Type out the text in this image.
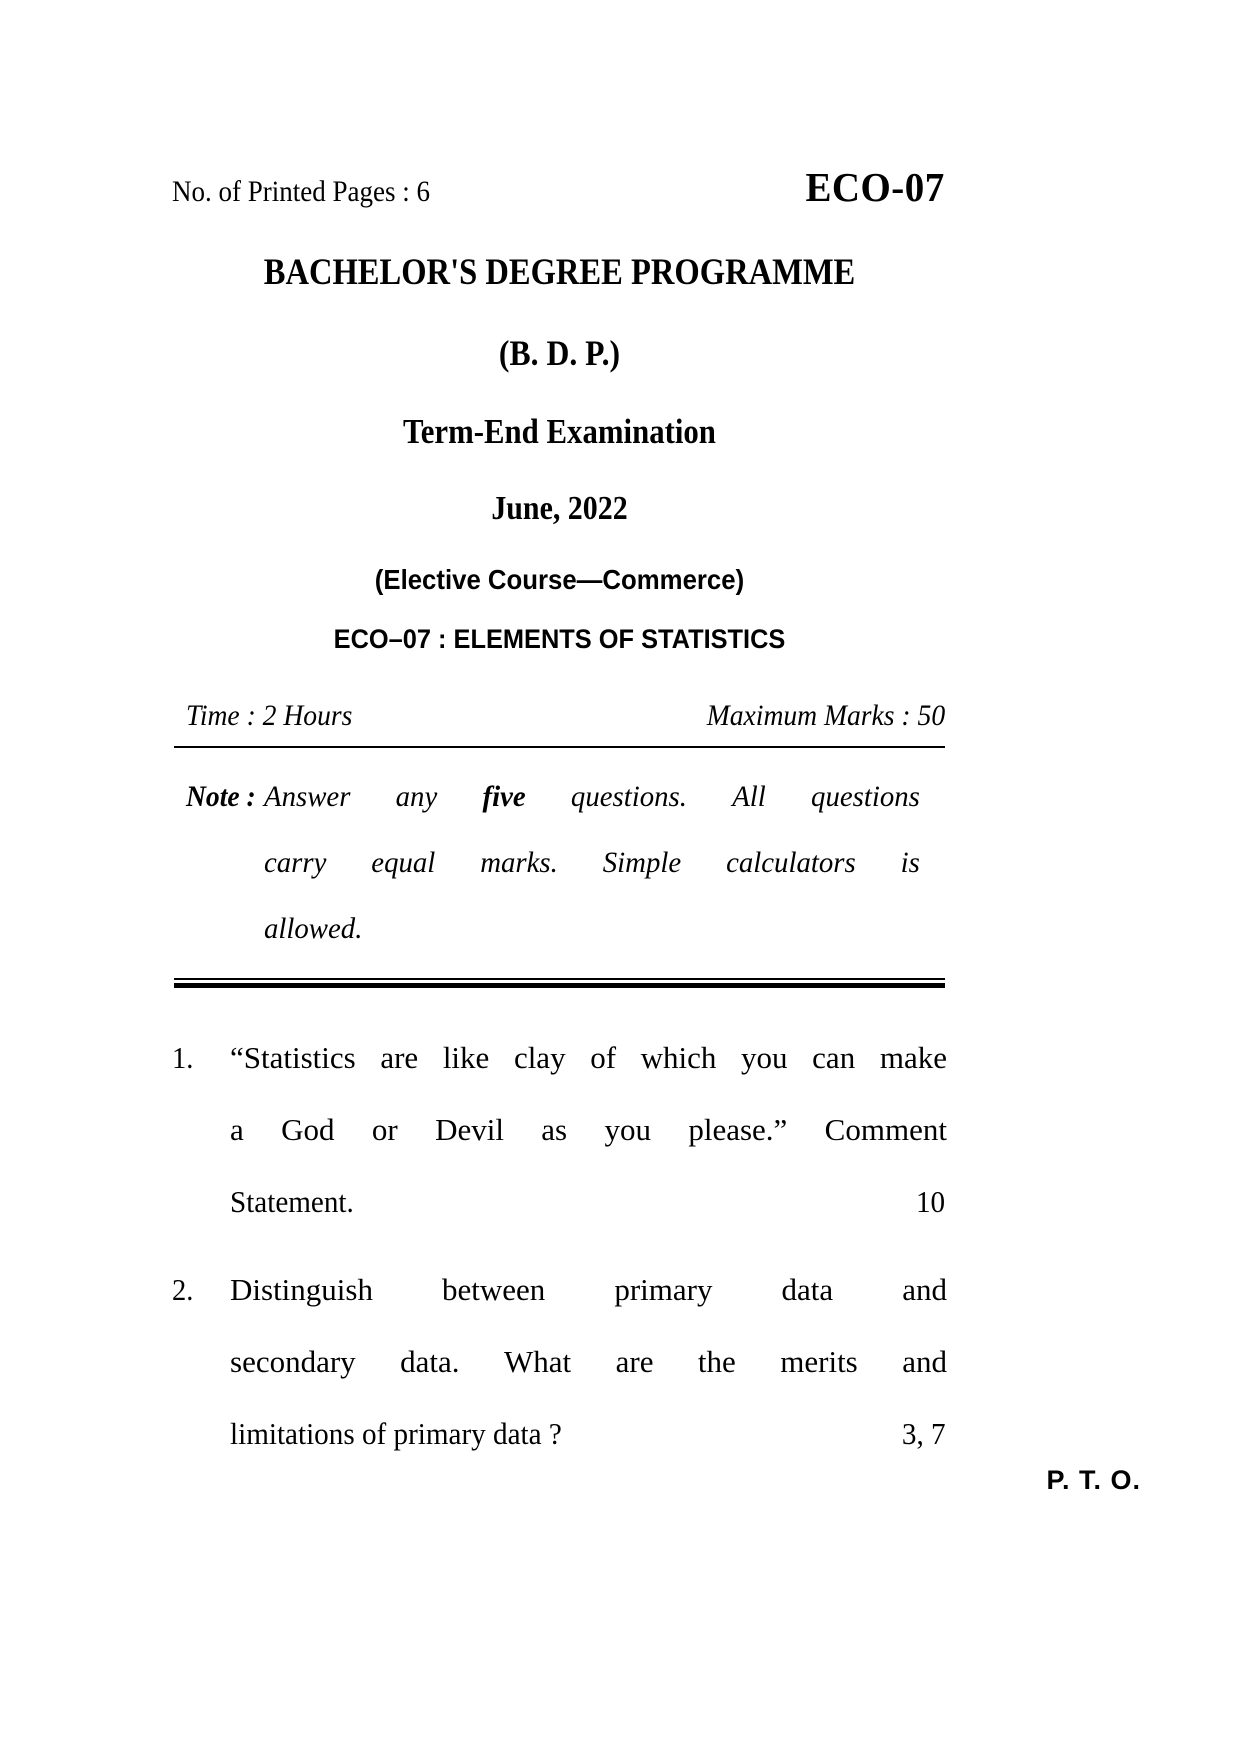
No. of Printed Pages : 6	ECO-07
BACHELOR'S DEGREE PROGRAMME
(B. D. P.)
Term-End Examination
June, 2022
(Elective Course—Commerce)
ECO–07 : ELEMENTS OF STATISTICS
Time : 2 Hours	Maximum Marks : 50
Note : Answer any five questions. All questions
carry equal marks. Simple calculators is
allowed.
1.	“Statistics are like clay of which you can make
a God or Devil as you please.” Comment
Statement.	10
2.	Distinguish between primary data and
secondary data. What are the merits and
limitations of primary data ?	3, 7
P. T. O.
